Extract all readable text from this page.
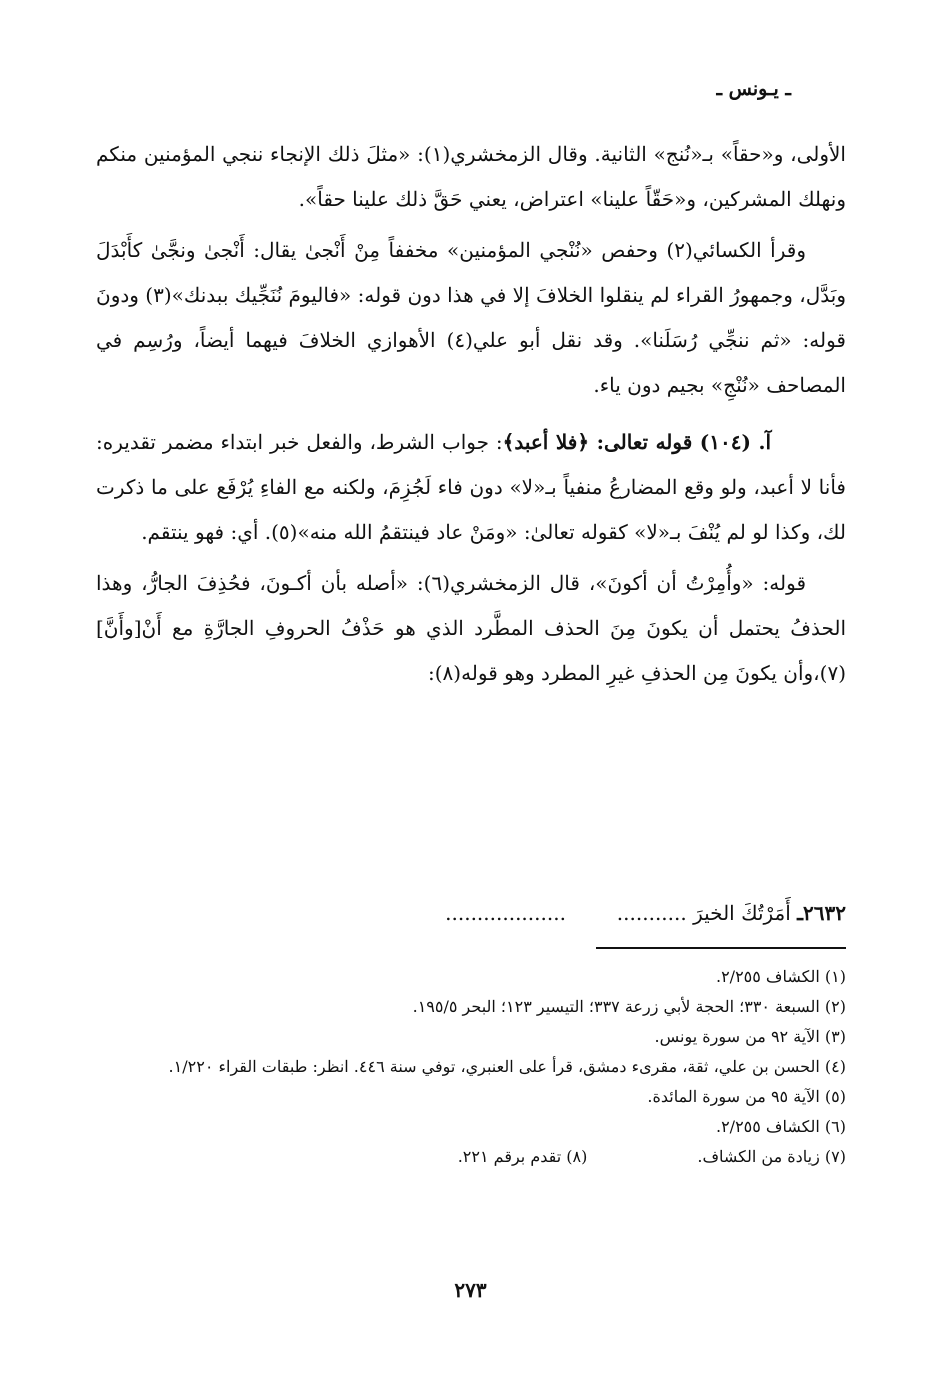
ـ يـونس ـ

الأولى، و«حقاً» بـ«نُنج» الثانية. وقال الزمخشري(١): «مثلَ ذلك الإنجاء ننجي المؤمنين منكم ونهلك المشركين، و«حَقّاً علينا» اعتراض، يعني حَقَّ ذلك علينا حقاً».

وقرأ الكسائي(٢) وحفص «نُنْجي المؤمنين» مخففاً مِنْ أَنْجىٰ يقال: أَنْجىٰ ونجَّىٰ كأَبْدَلَ وبَدَّل، وجمهورُ القراء لم ينقلوا الخلافَ إلا في هذا دون قوله: «فاليومَ نُنَجِّيك ببدنك»(٣) ودونَ قوله: «ثم ننجِّي رُسَلَنا». وقد نقل أبو علي(٤) الأهوازي الخلافَ فيهما أيضاً، ورُسِم في المصاحف «نُنْجِ» بجيم دون ياء.

آ. (١٠٤) قوله تعالى: ﴿فلا أعبد﴾: جواب الشرط، والفعل خبر ابتداء مضمر تقديره: فأنا لا أعبد، ولو وقع المضارعُ منفياً بـ«لا» دون فاء لَجُزِمَ، ولكنه مع الفاءِ يُرْفَع على ما ذكرت لك، وكذا لو لم يُنْفَ بـ«لا» كقوله تعالىٰ: «ومَنْ عاد فينتقمُ الله منه»(٥). أي: فهو ينتقم.

قوله: «وأُمِرْتُ أن أكونَ»، قال الزمخشري(٦): «أصله بأن أكـونَ، فحُذِفَ الجارُّ، وهذا الحذفُ يحتمل أن يكونَ مِنَ الحذف المطَّرد الذي هو حَذْفُ الحروفِ الجارَّةِ مع أَنْ[وأَنَّ](٧)،وأن يكونَ مِن الحذفِ غيرِ المطرد وهو قوله(٨):

٢٦٣٢ـ أَمَرْتُكَ الخيرَ ...........        ...................

(١) الكشاف ٢/٢٥٥.

(٢) السبعة ٣٣٠؛ الحجة لأبي زرعة ٣٣٧؛ التيسير ١٢٣؛ البحر ١٩٥/٥.

(٣) الآية ٩٢ من سورة يونس.

(٤) الحسن بن علي، ثقة، مقرىء دمشق، قرأ على العنبري، توفي سنة ٤٤٦. انظر: طبقات القراء ١/٢٢٠.

(٥) الآية ٩٥ من سورة المائدة.

(٦) الكشاف ٢/٢٥٥.

(٧) زيادة من الكشاف.
(٨) تقدم برقم ٢٢١.

٢٧٣
